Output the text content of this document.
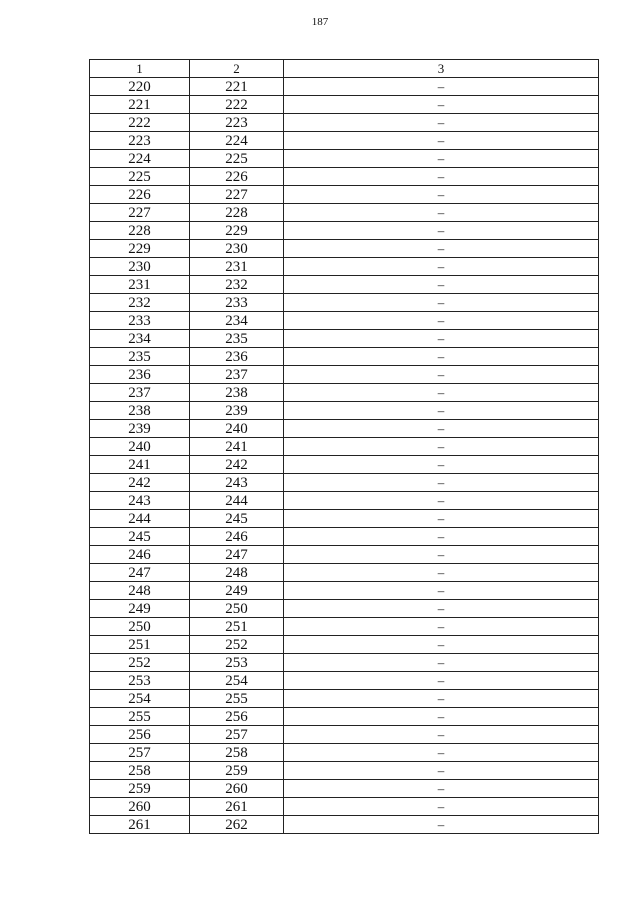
187
1	2	3
220	221	–
221	222	–
222	223	–
223	224	–
224	225	–
225	226	–
226	227	–
227	228	–
228	229	–
229	230	–
230	231	–
231	232	–
232	233	–
233	234	–
234	235	–
235	236	–
236	237	–
237	238	–
238	239	–
239	240	–
240	241	–
241	242	–
242	243	–
243	244	–
244	245	–
245	246	–
246	247	–
247	248	–
248	249	–
249	250	–
250	251	–
251	252	–
252	253	–
253	254	–
254	255	–
255	256	–
256	257	–
257	258	–
258	259	–
259	260	–
260	261	–
261	262	–
